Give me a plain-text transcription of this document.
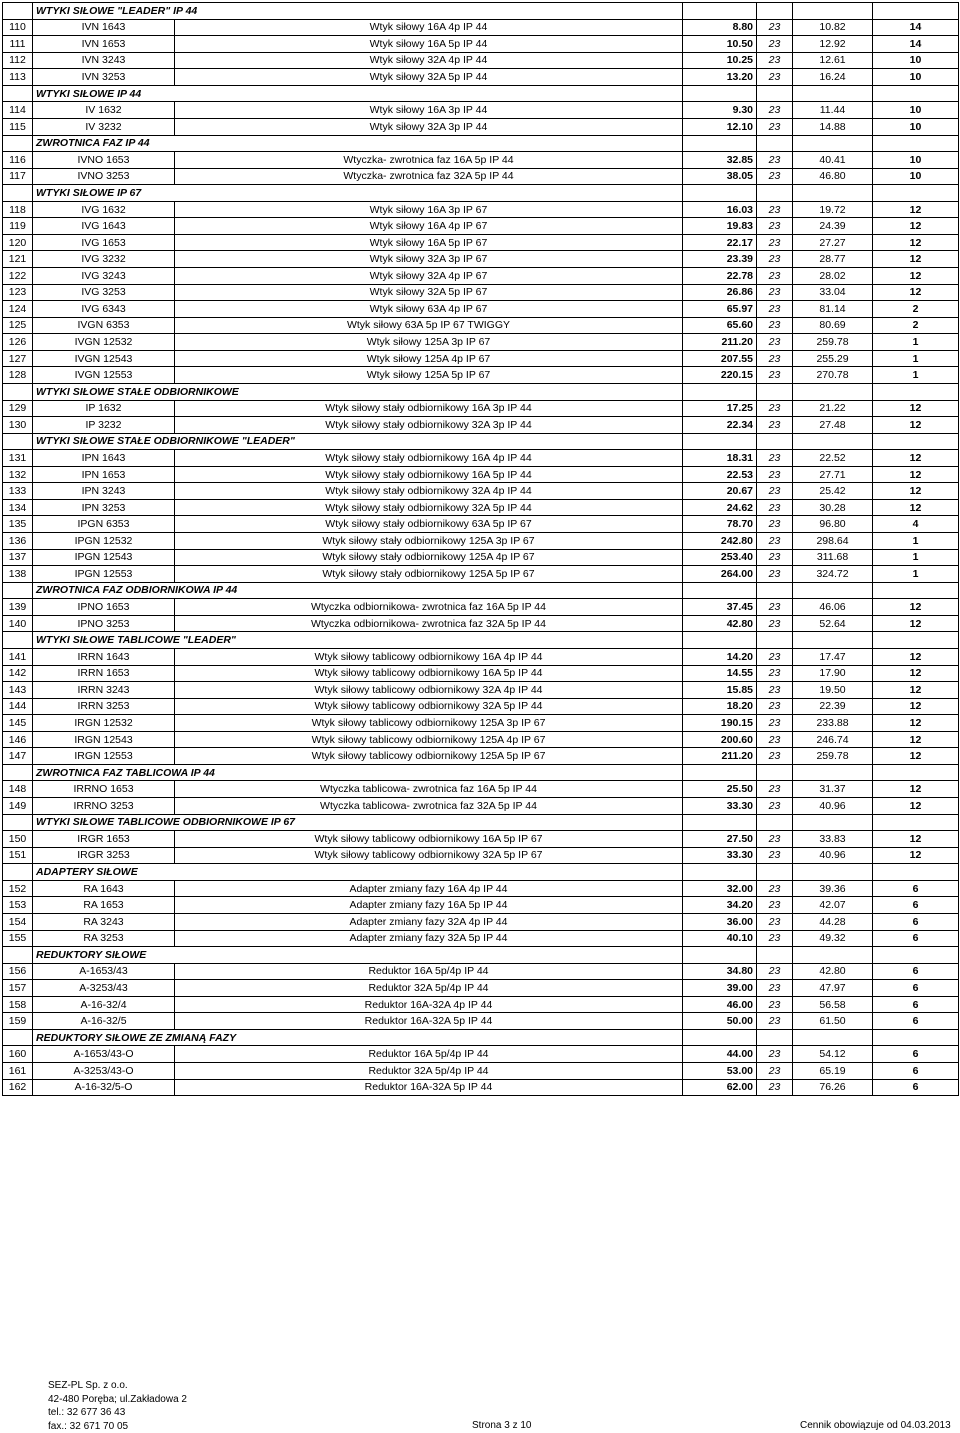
	WTYKI SIŁOWE "LEADER" IP 44					
110	IVN 1643	Wtyk siłowy 16A 4p IP 44	8.80	23	10.82	14
111	IVN 1653	Wtyk siłowy 16A 5p IP 44	10.50	23	12.92	14
112	IVN 3243	Wtyk siłowy 32A 4p IP 44	10.25	23	12.61	10
113	IVN 3253	Wtyk siłowy 32A 5p IP 44	13.20	23	16.24	10
	WTYKI SIŁOWE IP 44					
114	IV 1632	Wtyk siłowy 16A 3p IP 44	9.30	23	11.44	10
115	IV 3232	Wtyk siłowy 32A 3p IP 44	12.10	23	14.88	10
	ZWROTNICA FAZ IP 44					
116	IVNO 1653	Wtyczka- zwrotnica faz 16A 5p IP 44	32.85	23	40.41	10
117	IVNO 3253	Wtyczka- zwrotnica faz 32A 5p IP 44	38.05	23	46.80	10
	WTYKI SIŁOWE IP 67					
118	IVG 1632	Wtyk siłowy 16A 3p IP 67	16.03	23	19.72	12
119	IVG 1643	Wtyk siłowy 16A 4p IP 67	19.83	23	24.39	12
120	IVG 1653	Wtyk siłowy 16A 5p IP 67	22.17	23	27.27	12
121	IVG 3232	Wtyk siłowy 32A 3p IP 67	23.39	23	28.77	12
122	IVG 3243	Wtyk siłowy 32A 4p IP 67	22.78	23	28.02	12
123	IVG 3253	Wtyk siłowy 32A 5p IP 67	26.86	23	33.04	12
124	IVG 6343	Wtyk siłowy 63A 4p IP 67	65.97	23	81.14	2
125	IVGN 6353	Wtyk siłowy 63A 5p IP 67 TWIGGY	65.60	23	80.69	2
126	IVGN 12532	Wtyk siłowy 125A 3p IP 67	211.20	23	259.78	1
127	IVGN 12543	Wtyk siłowy 125A 4p IP 67	207.55	23	255.29	1
128	IVGN 12553	Wtyk siłowy 125A 5p IP 67	220.15	23	270.78	1
	WTYKI SIŁOWE STAŁE ODBIORNIKOWE					
129	IP 1632	Wtyk siłowy stały odbiornikowy 16A 3p IP 44	17.25	23	21.22	12
130	IP 3232	Wtyk siłowy stały odbiornikowy 32A 3p IP 44	22.34	23	27.48	12
	WTYKI SIŁOWE STAŁE ODBIORNIKOWE "LEADER"					
131	IPN 1643	Wtyk siłowy stały odbiornikowy 16A 4p IP 44	18.31	23	22.52	12
132	IPN 1653	Wtyk siłowy stały odbiornikowy 16A 5p IP 44	22.53	23	27.71	12
133	IPN 3243	Wtyk siłowy stały odbiornikowy 32A 4p IP 44	20.67	23	25.42	12
134	IPN 3253	Wtyk siłowy stały odbiornikowy 32A 5p IP 44	24.62	23	30.28	12
135	IPGN 6353	Wtyk siłowy stały odbiornikowy 63A 5p IP 67	78.70	23	96.80	4
136	IPGN 12532	Wtyk siłowy stały odbiornikowy 125A 3p IP 67	242.80	23	298.64	1
137	IPGN 12543	Wtyk siłowy stały odbiornikowy 125A 4p IP 67	253.40	23	311.68	1
138	IPGN 12553	Wtyk siłowy stały odbiornikowy 125A 5p IP 67	264.00	23	324.72	1
	ZWROTNICA FAZ ODBIORNIKOWA IP 44					
139	IPNO 1653	Wtyczka odbiornikowa- zwrotnica faz 16A 5p IP 44	37.45	23	46.06	12
140	IPNO 3253	Wtyczka odbiornikowa- zwrotnica faz 32A 5p IP 44	42.80	23	52.64	12
	WTYKI SIŁOWE TABLICOWE "LEADER"					
141	IRRN 1643	Wtyk siłowy tablicowy odbiornikowy 16A 4p IP 44	14.20	23	17.47	12
142	IRRN 1653	Wtyk siłowy tablicowy odbiornikowy 16A 5p IP 44	14.55	23	17.90	12
143	IRRN 3243	Wtyk siłowy tablicowy odbiornikowy 32A 4p IP 44	15.85	23	19.50	12
144	IRRN 3253	Wtyk siłowy tablicowy odbiornikowy 32A 5p IP 44	18.20	23	22.39	12
145	IRGN 12532	Wtyk siłowy tablicowy odbiornikowy 125A 3p IP 67	190.15	23	233.88	12
146	IRGN 12543	Wtyk siłowy tablicowy odbiornikowy 125A 4p IP 67	200.60	23	246.74	12
147	IRGN 12553	Wtyk siłowy tablicowy odbiornikowy 125A 5p IP 67	211.20	23	259.78	12
	ZWROTNICA FAZ TABLICOWA IP 44					
148	IRRNO 1653	Wtyczka tablicowa- zwrotnica faz 16A 5p IP 44	25.50	23	31.37	12
149	IRRNO 3253	Wtyczka tablicowa- zwrotnica faz 32A 5p IP 44	33.30	23	40.96	12
	WTYKI SIŁOWE TABLICOWE ODBIORNIKOWE IP 67					
150	IRGR 1653	Wtyk siłowy tablicowy odbiornikowy 16A 5p IP 67	27.50	23	33.83	12
151	IRGR 3253	Wtyk siłowy tablicowy odbiornikowy 32A 5p IP 67	33.30	23	40.96	12
	ADAPTERY SIŁOWE					
152	RA 1643	Adapter zmiany fazy 16A 4p IP 44	32.00	23	39.36	6
153	RA 1653	Adapter zmiany fazy 16A 5p IP 44	34.20	23	42.07	6
154	RA 3243	Adapter zmiany fazy 32A 4p IP 44	36.00	23	44.28	6
155	RA 3253	Adapter zmiany fazy 32A 5p IP 44	40.10	23	49.32	6
	REDUKTORY SIŁOWE					
156	A-1653/43	Reduktor 16A 5p/4p IP 44	34.80	23	42.80	6
157	A-3253/43	Reduktor 32A 5p/4p IP 44	39.00	23	47.97	6
158	A-16-32/4	Reduktor 16A-32A 4p IP 44	46.00	23	56.58	6
159	A-16-32/5	Reduktor 16A-32A 5p IP 44	50.00	23	61.50	6
	REDUKTORY SIŁOWE ZE ZMIANĄ FAZY					
160	A-1653/43-O	Reduktor 16A 5p/4p IP 44	44.00	23	54.12	6
161	A-3253/43-O	Reduktor 32A 5p/4p IP 44	53.00	23	65.19	6
162	A-16-32/5-O	Reduktor 16A-32A 5p IP 44	62.00	23	76.26	6
SEZ-PL Sp. z o.o.
42-480 Poręba; ul.Zakładowa 2
tel.: 32 677 36 43
fax.: 32 671 70 05	Strona 3 z 10	Cennik obowiązuje od 04.03.2013
